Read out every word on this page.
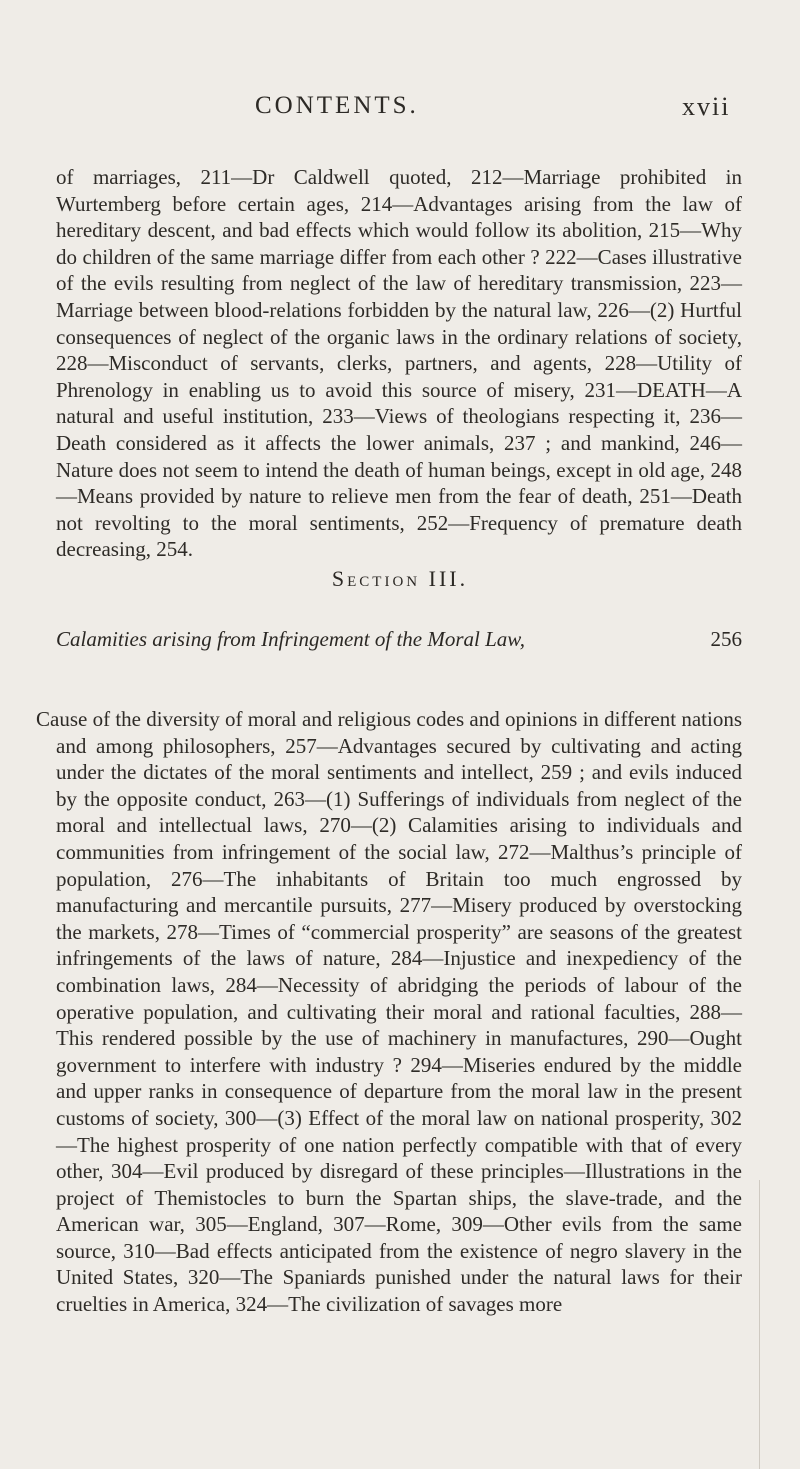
CONTENTS.	xvii

of marriages, 211—Dr Caldwell quoted, 212—Marriage prohibited in Wurtemberg before certain ages, 214—Advantages arising from the law of hereditary descent, and bad effects which would follow its abolition, 215—Why do children of the same marriage differ from each other ? 222—Cases illustrative of the evils resulting from neglect of the law of hereditary transmission, 223—Marriage between blood-relations forbidden by the natural law, 226—(2) Hurtful consequences of neglect of the organic laws in the ordinary relations of society, 228—Misconduct of servants, clerks, partners, and agents, 228—Utility of Phrenology in enabling us to avoid this source of misery, 231—DEATH—A natural and useful institution, 233—Views of theologians respecting it, 236—Death considered as it affects the lower animals, 237 ; and mankind, 246—Nature does not seem to intend the death of human beings, except in old age, 248—Means provided by nature to relieve men from the fear of death, 251—Death not revolting to the moral sentiments, 252—Frequency of premature death decreasing, 254.

Section III.
Calamities arising from Infringement of the Moral Law,	256

Cause of the diversity of moral and religious codes and opinions in different nations and among philosophers, 257—Advantages secured by cultivating and acting under the dictates of the moral sentiments and intellect, 259 ; and evils induced by the opposite conduct, 263—(1) Sufferings of individuals from neglect of the moral and intellectual laws, 270—(2) Calamities arising to individuals and communities from infringement of the social law, 272—Malthus’s principle of population, 276—The inhabitants of Britain too much engrossed by manufacturing and mercantile pursuits, 277—Misery produced by overstocking the markets, 278—Times of “commercial prosperity” are seasons of the greatest infringements of the laws of nature, 284—Injustice and inexpediency of the combination laws, 284—Necessity of abridging the periods of labour of the operative population, and cultivating their moral and rational faculties, 288—This rendered possible by the use of machinery in manufactures, 290—Ought government to interfere with industry ? 294—Miseries endured by the middle and upper ranks in consequence of departure from the moral law in the present customs of society, 300—(3) Effect of the moral law on national prosperity, 302—The highest prosperity of one nation perfectly compatible with that of every other, 304—Evil produced by disregard of these principles—Illustrations in the project of Themistocles to burn the Spartan ships, the slave-trade, and the American war, 305—England, 307—Rome, 309—Other evils from the same source, 310—Bad effects anticipated from the existence of negro slavery in the United States, 320—The Spaniards punished under the natural laws for their cruelties in America, 324—The civilization of savages more
